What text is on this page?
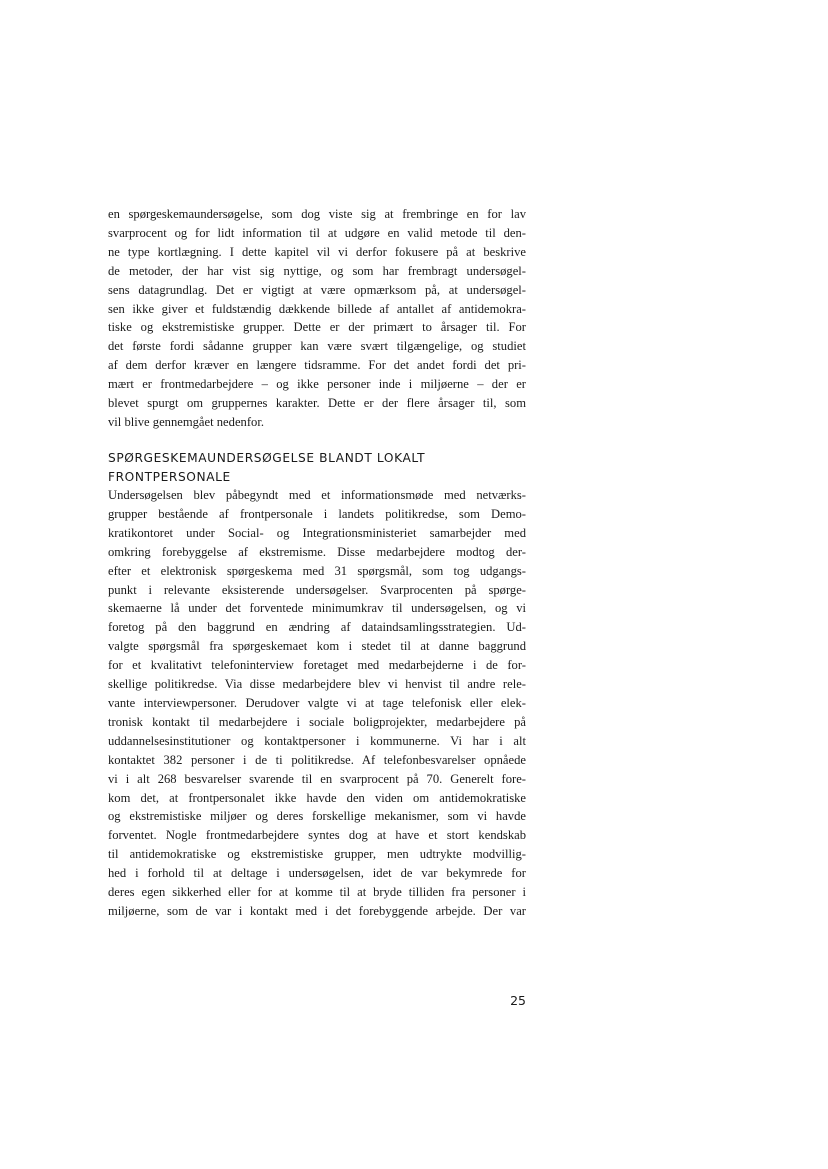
en spørgeskemaundersøgelse, som dog viste sig at frembringe en for lav
svarprocent og for lidt information til at udgøre en valid metode til den-
ne type kortlægning. I dette kapitel vil vi derfor fokusere på at beskrive
de metoder, der har vist sig nyttige, og som har frembragt undersøgel-
sens datagrundlag. Det er vigtigt at være opmærksom på, at undersøgel-
sen ikke giver et fuldstændig dækkende billede af antallet af antidemokra-
tiske og ekstremistiske grupper. Dette er der primært to årsager til. For
det første fordi sådanne grupper kan være svært tilgængelige, og studiet
af dem derfor kræver en længere tidsramme. For det andet fordi det pri-
mært er frontmedarbejdere – og ikke personer inde i miljøerne – der er
blevet spurgt om gruppernes karakter. Dette er der flere årsager til, som
vil blive gennemgået nedenfor.
SPØRGESKEMAUNDERSØGELSE BLANDT LOKALT
FRONTPERSONALE
Undersøgelsen blev påbegyndt med et informationsmøde med netværks-
grupper bestående af frontpersonale i landets politikredse, som Demo-
kratikontoret under Social- og Integrationsministeriet samarbejder med
omkring forebyggelse af ekstremisme. Disse medarbejdere modtog der-
efter et elektronisk spørgeskema med 31 spørgsmål, som tog udgangs-
punkt i relevante eksisterende undersøgelser. Svarprocenten på spørge-
skemaerne lå under det forventede minimumkrav til undersøgelsen, og vi
foretog på den baggrund en ændring af dataindsamlingsstrategien. Ud-
valgte spørgsmål fra spørgeskemaet kom i stedet til at danne baggrund
for et kvalitativt telefoninterview foretaget med medarbejderne i de for-
skellige politikredse. Via disse medarbejdere blev vi henvist til andre rele-
vante interviewpersoner. Derudover valgte vi at tage telefonisk eller elek-
tronisk kontakt til medarbejdere i sociale boligprojekter, medarbejdere på
uddannelsesinstitutioner og kontaktpersoner i kommunerne. Vi har i alt
kontaktet 382 personer i de ti politikredse. Af telefonbesvarelser opnåede
vi i alt 268 besvarelser svarende til en svarprocent på 70. Generelt fore-
kom det, at frontpersonalet ikke havde den viden om antidemokratiske
og ekstremistiske miljøer og deres forskellige mekanismer, som vi havde
forventet. Nogle frontmedarbejdere syntes dog at have et stort kendskab
til antidemokratiske og ekstremistiske grupper, men udtrykte modvillig-
hed i forhold til at deltage i undersøgelsen, idet de var bekymrede for
deres egen sikkerhed eller for at komme til at bryde tilliden fra personer i
miljøerne, som de var i kontakt med i det forebyggende arbejde. Der var
25
